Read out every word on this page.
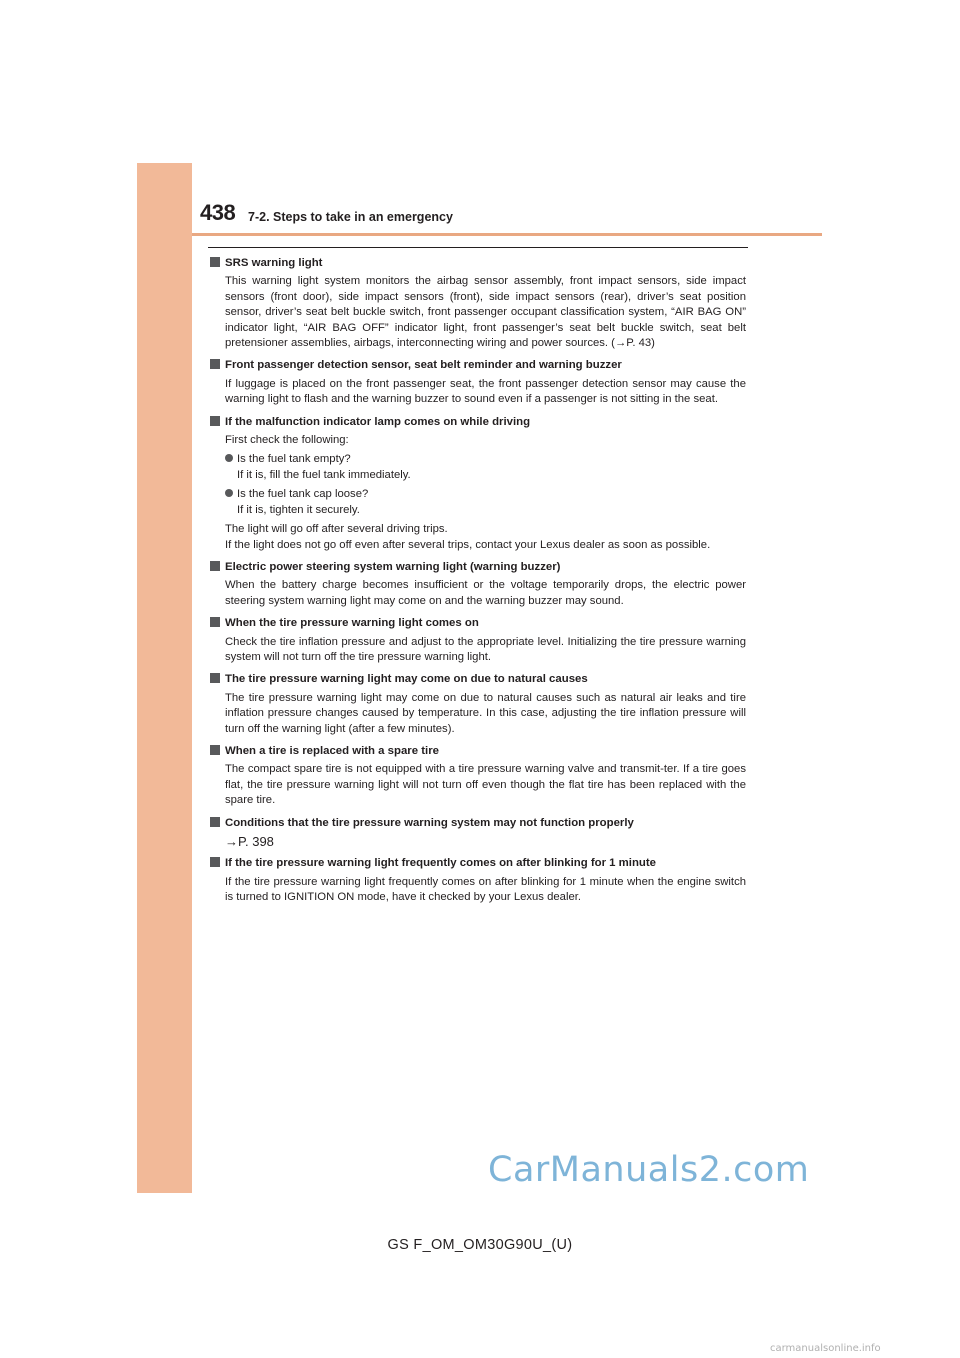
438 7-2. Steps to take in an emergency
SRS warning light

This warning light system monitors the airbag sensor assembly, front impact sensors, side impact sensors (front door), side impact sensors (front), side impact sensors (rear), driver’s seat position sensor, driver’s seat belt buckle switch, front passenger occupant classification system, “AIR BAG ON” indicator light, “AIR BAG OFF” indicator light, front passenger’s seat belt buckle switch, seat belt pretensioner assemblies, airbags, interconnecting wiring and power sources. (→P. 43)

Front passenger detection sensor, seat belt reminder and warning buzzer

If luggage is placed on the front passenger seat, the front passenger detection sensor may cause the warning light to flash and the warning buzzer to sound even if a passenger is not sitting in the seat.

If the malfunction indicator lamp comes on while driving

First check the following:

Is the fuel tank empty?

If it is, fill the fuel tank immediately.

Is the fuel tank cap loose?

If it is, tighten it securely.

The light will go off after several driving trips.

If the light does not go off even after several trips, contact your Lexus dealer as soon as possible.

Electric power steering system warning light (warning buzzer)

When the battery charge becomes insufficient or the voltage temporarily drops, the electric power steering system warning light may come on and the warning buzzer may sound.

When the tire pressure warning light comes on

Check the tire inflation pressure and adjust to the appropriate level. Initializing the tire pressure warning system will not turn off the tire pressure warning light.

The tire pressure warning light may come on due to natural causes

The tire pressure warning light may come on due to natural causes such as natural air leaks and tire inflation pressure changes caused by temperature. In this case, adjusting the tire inflation pressure will turn off the warning light (after a few minutes).

When a tire is replaced with a spare tire

The compact spare tire is not equipped with a tire pressure warning valve and transmit-ter. If a tire goes flat, the tire pressure warning light will not turn off even though the flat tire has been replaced with the spare tire.

Conditions that the tire pressure warning system may not function properly

→P. 398

If the tire pressure warning light frequently comes on after blinking for 1 minute

If the tire pressure warning light frequently comes on after blinking for 1 minute when the engine switch is turned to IGNITION ON mode, have it checked by your Lexus dealer.

CarManuals2.com
GS F_OM_OM30G90U_(U)
carmanualsonline.info
